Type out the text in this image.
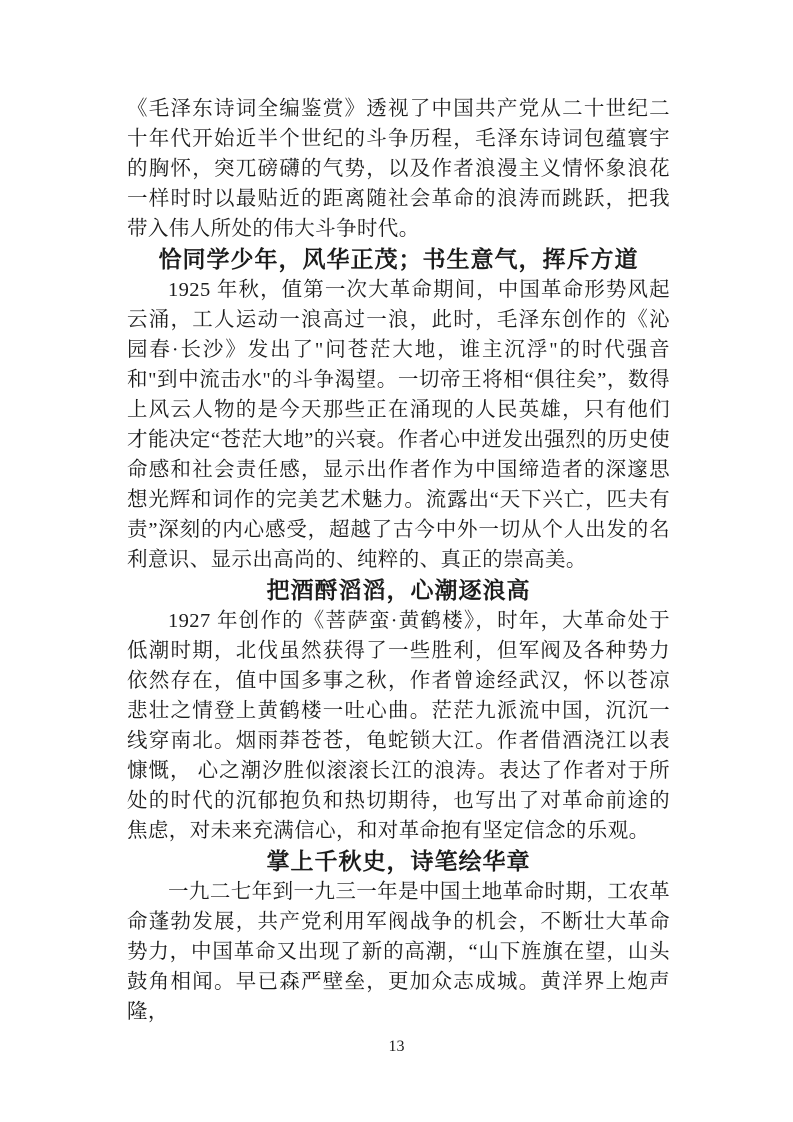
《毛泽东诗词全编鉴赏》透视了中国共产党从二十世纪二十年代开始近半个世纪的斗争历程，毛泽东诗词包蕴寰宇的胸怀，突兀磅礴的气势，以及作者浪漫主义情怀象浪花一样时时以最贴近的距离随社会革命的浪涛而跳跃，把我带入伟人所处的伟大斗争时代。

恰同学少年，风华正茂；书生意气，挥斥方道

1925 年秋，值第一次大革命期间，中国革命形势风起云涌，工人运动一浪高过一浪，此时，毛泽东创作的《沁园春·长沙》发出了"问苍茫大地，谁主沉浮"的时代强音和"到中流击水"的斗争渴望。一切帝王将相“俱往矣”，数得上风云人物的是今天那些正在涌现的人民英雄，只有他们才能决定“苍茫大地”的兴衰。作者心中迸发出强烈的历史使命感和社会责任感，显示出作者作为中国缔造者的深邃思想光辉和词作的完美艺术魅力。流露出“天下兴亡，匹夫有责”深刻的内心感受，超越了古今中外一切从个人出发的名利意识、显示出高尚的、纯粹的、真正的崇高美。

把酒酹滔滔，心潮逐浪高

1927 年创作的《菩萨蛮·黄鹤楼》，时年，大革命处于低潮时期，北伐虽然获得了一些胜利，但军阀及各种势力依然存在，值中国多事之秋，作者曾途经武汉，怀以苍凉悲壮之情登上黄鹤楼一吐心曲。茫茫九派流中国，沉沉一线穿南北。烟雨莽苍苍，龟蛇锁大江。作者借酒浇江以表慷慨， 心之潮汐胜似滚滚长江的浪涛。表达了作者对于所处的时代的沉郁抱负和热切期待，也写出了对革命前途的焦虑，对未来充满信心，和对革命抱有坚定信念的乐观。

掌上千秋史，诗笔绘华章

一九二七年到一九三一年是中国土地革命时期，工农革命蓬勃发展，共产党利用军阀战争的机会，不断壮大革命势力，中国革命又出现了新的高潮，“山下旌旗在望，山头鼓角相闻。早已森严壁垒，更加众志成城。黄洋界上炮声隆，

13
